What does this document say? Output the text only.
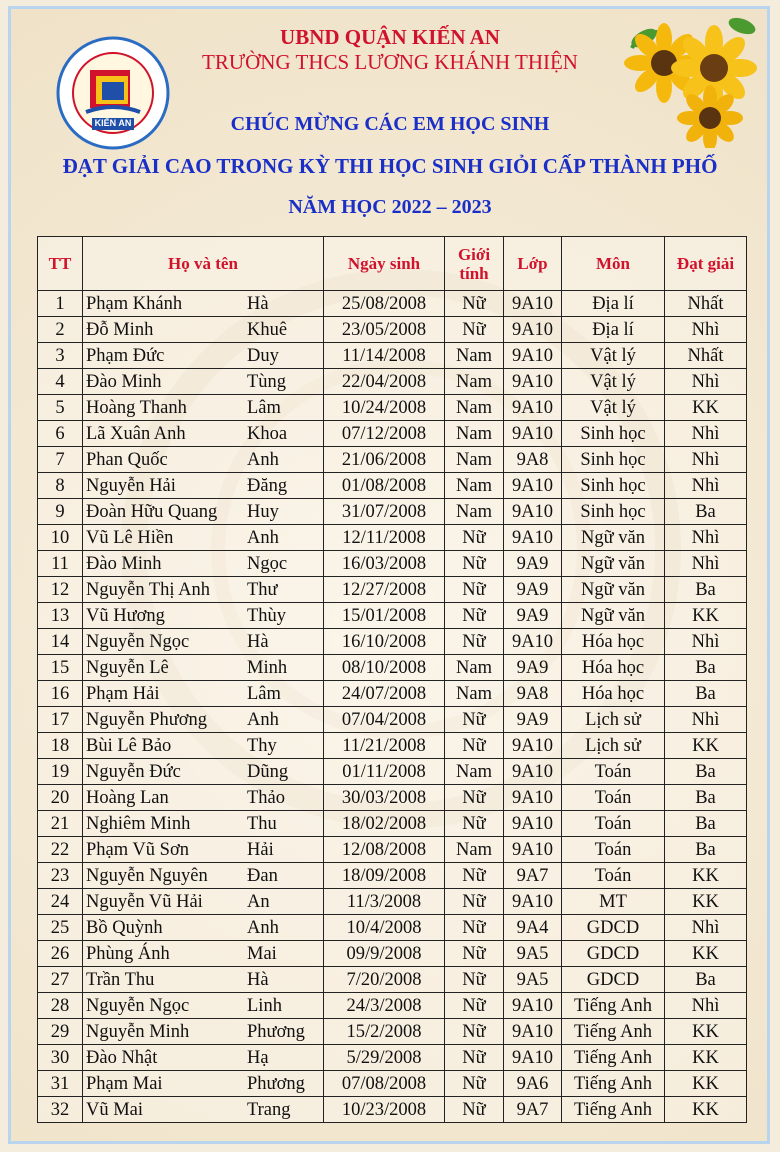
KIẾN AN
UBND QUẬN KIẾN AN
TRƯỜNG THCS LƯƠNG KHÁNH THIỆN
CHÚC MỪNG CÁC EM HỌC SINH
ĐẠT GIẢI CAO TRONG KỲ THI HỌC SINH GIỎI CẤP THÀNH PHỐ
NĂM HỌC 2022 – 2023
TT	Họ và tên	Ngày sinh	Giới tính	Lớp	Môn	Đạt giải
1	Phạm Khánh Hà	25/08/2008	Nữ	9A10	Địa lí	Nhất
2	Đỗ Minh Khuê	23/05/2008	Nữ	9A10	Địa lí	Nhì
3	Phạm Đức Duy	11/14/2008	Nam	9A10	Vật lý	Nhất
4	Đào Minh Tùng	22/04/2008	Nam	9A10	Vật lý	Nhì
5	Hoàng Thanh Lâm	10/24/2008	Nam	9A10	Vật lý	KK
6	Lã Xuân Anh Khoa	07/12/2008	Nam	9A10	Sinh học	Nhì
7	Phan Quốc Anh	21/06/2008	Nam	9A8	Sinh học	Nhì
8	Nguyễn Hải Đăng	01/08/2008	Nam	9A10	Sinh học	Nhì
9	Đoàn Hữu Quang Huy	31/07/2008	Nam	9A10	Sinh học	Ba
10	Vũ Lê Hiền Anh	12/11/2008	Nữ	9A10	Ngữ văn	Nhì
11	Đào Minh Ngọc	16/03/2008	Nữ	9A9	Ngữ văn	Nhì
12	Nguyễn Thị Anh Thư	12/27/2008	Nữ	9A9	Ngữ văn	Ba
13	Vũ Hương Thùy	15/01/2008	Nữ	9A9	Ngữ văn	KK
14	Nguyễn Ngọc Hà	16/10/2008	Nữ	9A10	Hóa học	Nhì
15	Nguyễn Lê Minh	08/10/2008	Nam	9A9	Hóa học	Ba
16	Phạm Hải Lâm	24/07/2008	Nam	9A8	Hóa học	Ba
17	Nguyễn Phương Anh	07/04/2008	Nữ	9A9	Lịch sử	Nhì
18	Bùi Lê Bảo Thy	11/21/2008	Nữ	9A10	Lịch sử	KK
19	Nguyễn Đức Dũng	01/11/2008	Nam	9A10	Toán	Ba
20	Hoàng Lan Thảo	30/03/2008	Nữ	9A10	Toán	Ba
21	Nghiêm Minh Thu	18/02/2008	Nữ	9A10	Toán	Ba
22	Phạm Vũ Sơn Hải	12/08/2008	Nam	9A10	Toán	Ba
23	Nguyễn Nguyên Đan	18/09/2008	Nữ	9A7	Toán	KK
24	Nguyễn Vũ Hải An	11/3/2008	Nữ	9A10	MT	KK
25	Bồ Quỳnh Anh	10/4/2008	Nữ	9A4	GDCD	Nhì
26	Phùng Ánh Mai	09/9/2008	Nữ	9A5	GDCD	KK
27	Trần Thu Hà	7/20/2008	Nữ	9A5	GDCD	Ba
28	Nguyễn Ngọc Linh	24/3/2008	Nữ	9A10	Tiếng Anh	Nhì
29	Nguyễn Minh Phương	15/2/2008	Nữ	9A10	Tiếng Anh	KK
30	Đào Nhật Hạ	5/29/2008	Nữ	9A10	Tiếng Anh	KK
31	Phạm Mai Phương	07/08/2008	Nữ	9A6	Tiếng Anh	KK
32	Vũ Mai Trang	10/23/2008	Nữ	9A7	Tiếng Anh	KK
